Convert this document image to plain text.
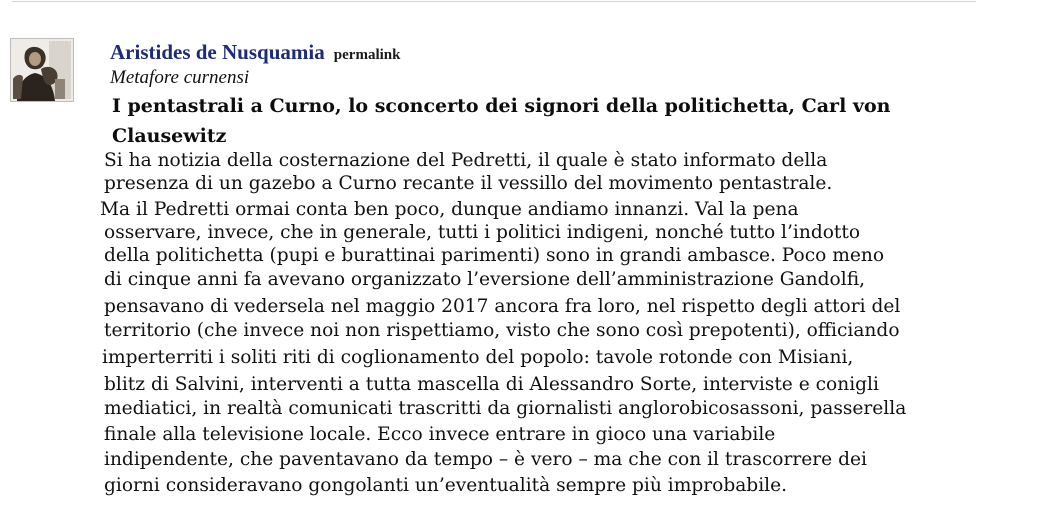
Aristides de Nusquamia permalink
Metafore curnensi
I pentastrali a Curno, lo sconcerto dei signori della politichetta, Carl von Clausewitz
Si ha notizia della costernazione del Pedretti, il quale è stato informato della
presenza di un gazebo a Curno recante il vessillo del movimento pentastrale.
Ma il Pedretti ormai conta ben poco, dunque andiamo innanzi. Val la pena
osservare, invece, che in generale, tutti i politici indigeni, nonché tutto l’indotto
della politichetta (pupi e burattinai parimenti) sono in grandi ambasce. Poco meno
di cinque anni fa avevano organizzato l’eversione dell’amministrazione Gandolfi,
pensavano di vedersela nel maggio 2017 ancora fra loro, nel rispetto degli attori del
territorio (che invece noi non rispettiamo, visto che sono così prepotenti), officiando
imperterriti i soliti riti di coglionamento del popolo: tavole rotonde con Misiani,
blitz di Salvini, interventi a tutta mascella di Alessandro Sorte, interviste e conigli
mediatici, in realtà comunicati trascritti da giornalisti anglorobicosassoni, passerella
finale alla televisione locale. Ecco invece entrare in gioco una variabile
indipendente, che paventavano da tempo – è vero – ma che con il trascorrere dei
giorni consideravano gongolanti un’eventualità sempre più improbabile.
